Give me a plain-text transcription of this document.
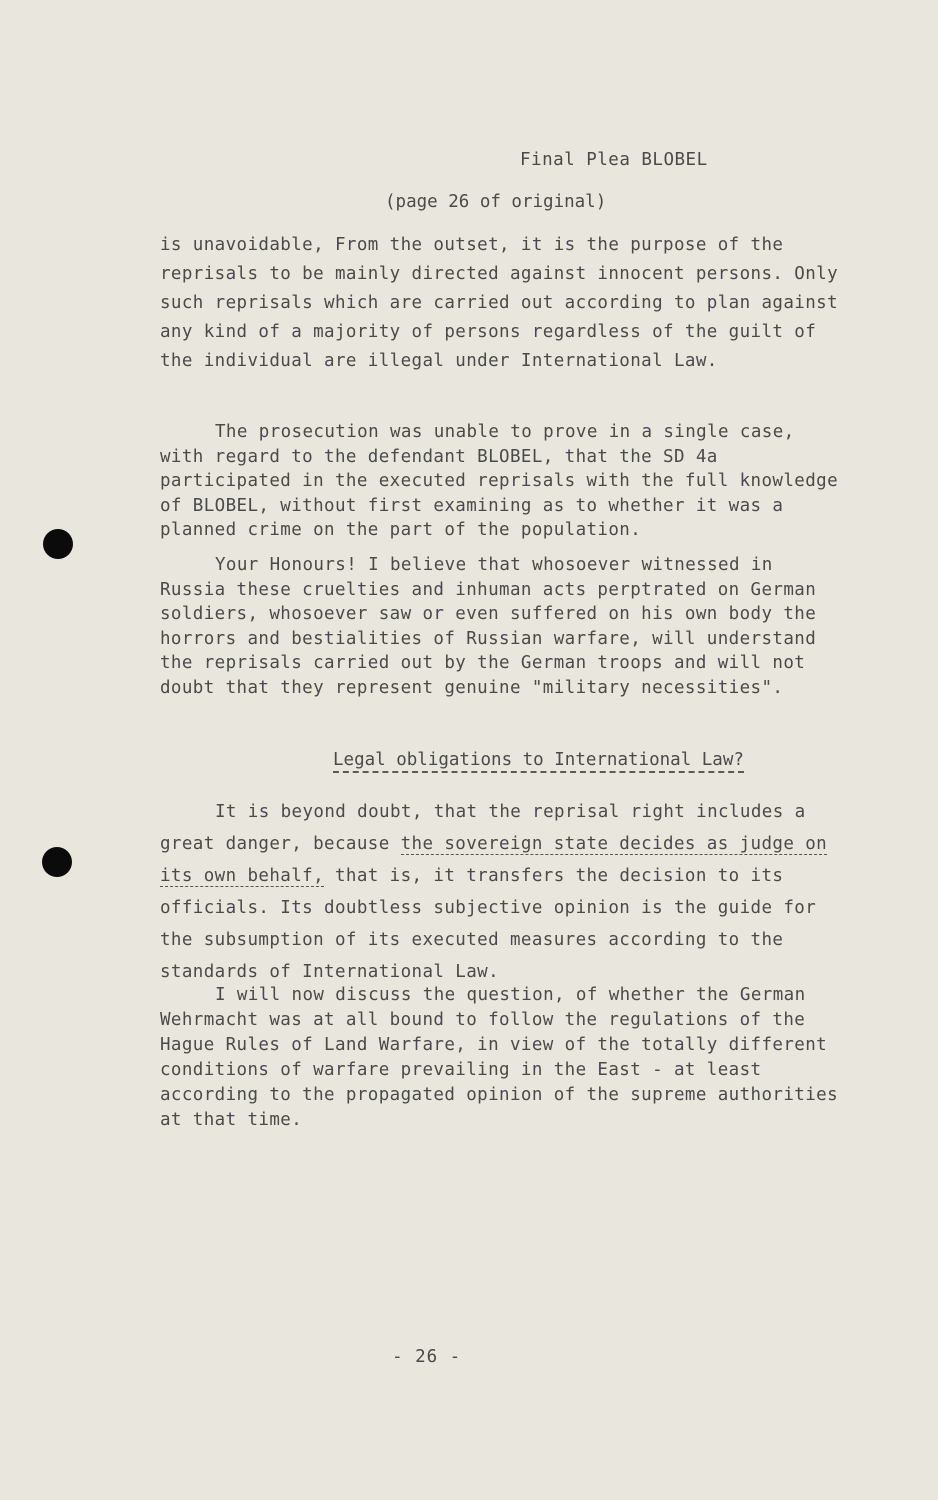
Final Plea BLOBEL
(page 26 of original)

is unavoidable, From the outset, it is the purpose of the reprisals to be mainly directed against innocent persons. Only such reprisals which are carried out according to plan against any kind of a majority of persons regardless of the guilt of the individual are illegal under International Law.

The prosecution was unable to prove in a single case, with regard to the defendant BLOBEL, that the SD 4a participated in the executed reprisals with the full knowledge of BLOBEL, without first examining as to whether it was a planned crime on the part of the population.

Your Honours! I believe that whosoever witnessed in Russia these cruelties and inhuman acts perptrated on German soldiers, whosoever saw or even suffered on his own body the horrors and bestialities of Russian warfare, will understand the reprisals carried out by the German troops and will not doubt that they represent genuine "military necessities".

Legal obligations to International Law?

It is beyond doubt, that the reprisal right includes a great danger, because the sovereign state decides as judge on its own behalf, that is, it transfers the decision to its officials. Its doubtless subjective opinion is the guide for the subsumption of its executed measures according to the standards of International Law.

I will now discuss the question, of whether the German Wehrmacht was at all bound to follow the regulations of the Hague Rules of Land Warfare, in view of the totally different conditions of warfare prevailing in the East - at least according to the propagated opinion of the supreme authorities at that time.

- 26 -
